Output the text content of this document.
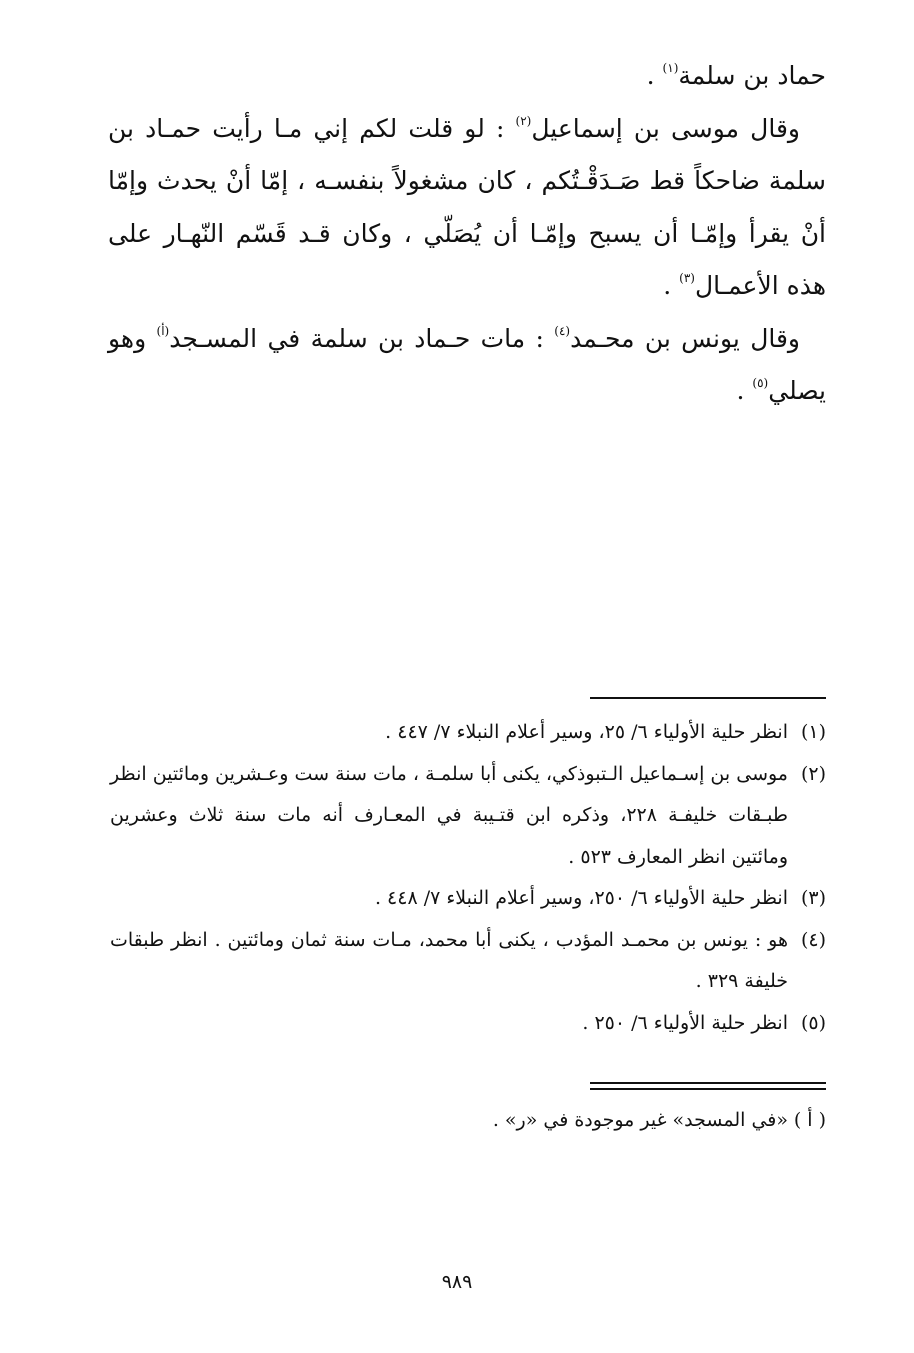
حماد بن سلمة$^{(١)}$ .

وقال موسى بن إسماعيل$^{(٢)}$ : لو قلت لكم إني مـا رأيت حمـاد بن سلمة ضاحكاً قط صَـدَقْـتُكم ، كان مشغولاً بنفسـه ، إمّا أنْ يحدث وإمّا أنْ يقرأ وإمّـا أن يسبح وإمّـا أن يُصَلّي ، وكان قـد قَسّم النّهـار على هذه الأعمـال$^{(٣)}$ .

وقال يونس بن محـمد$^{(٤)}$ : مات حـماد بن سلمة في المسـجد$^{(أ)}$ وهو يصلي$^{(٥)}$ .

(١)
انظر حلية الأولياء ٦/ ٢٥، وسير أعلام النبلاء ٧/ ٤٤٧ .
(٢)
موسى بن إسـماعيل الـتبوذكي، يكنى أبا سلمـة ، مات سنة ست وعـشرين ومائتين انظر طبـقات خليفـة ٢٢٨، وذكره ابن قتـيبة في المعـارف أنه مات سنة ثلاث وعشرين ومائتين انظر المعارف ٥٢٣ .
(٣)
انظر حلية الأولياء ٦/ ٢٥٠، وسير أعلام النبلاء ٧/ ٤٤٨ .
(٤)
هو : يونس بن محمـد المؤدب ، يكنى أبا محمد، مـات سنة ثمان ومائتين . انظر طبقات خليفة ٣٢٩ .
(٥)
انظر حلية الأولياء ٦/ ٢٥٠ .
( أ )
«في المسجد» غير موجودة في «ر» .
٩٨٩
